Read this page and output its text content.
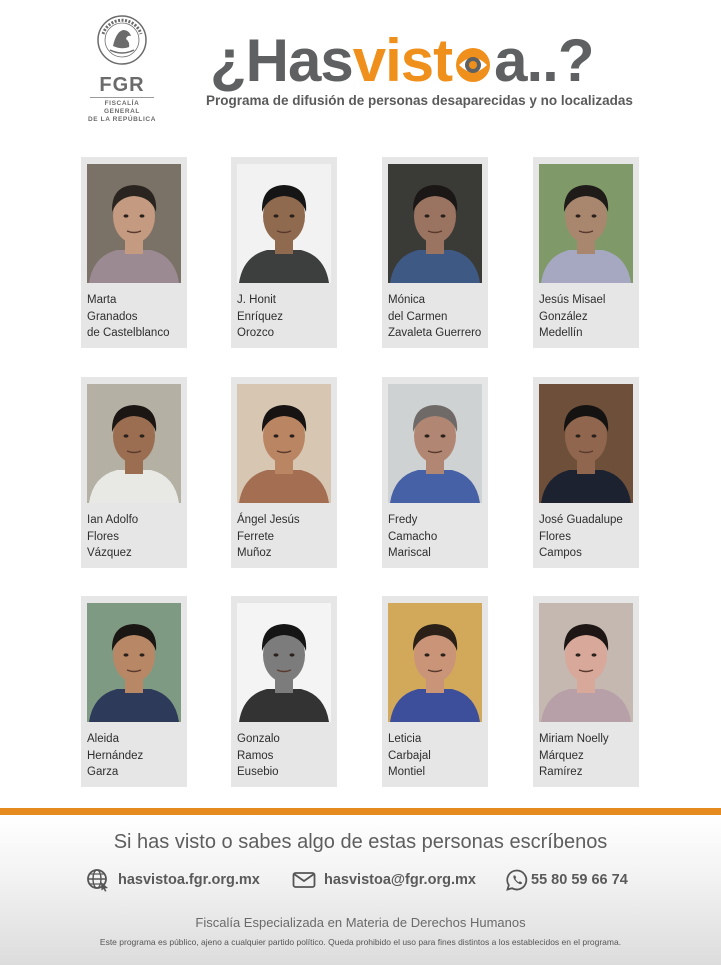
FGR
FISCALÍA GENERAL
DE LA REPÚBLICA
¿Hasvist a..?
Programa de difusión de personas desaparecidas y no localizadas
Marta
Granados
de Castelblanco
J. Honit
Enríquez
Orozco
Mónica
del Carmen
Zavaleta Guerrero
Jesús Misael
González
Medellín
Ian Adolfo
Flores
Vázquez
Ángel Jesús
Ferrete
Muñoz
Fredy
Camacho
Mariscal
José Guadalupe
Flores
Campos
Aleida
Hernández
Garza
Gonzalo
Ramos
Eusebio
Leticia
Carbajal
Montiel
Miriam Noelly
Márquez
Ramírez
Si has visto o sabes algo de estas personas escríbenos
hasvistoa.fgr.org.mx	hasvistoa@fgr.org.mx	55 80 59 66 74
Fiscalía Especializada en Materia de Derechos Humanos
Este programa es público, ajeno a cualquier partido político. Queda prohibido el uso para fines distintos a los establecidos en el programa.
